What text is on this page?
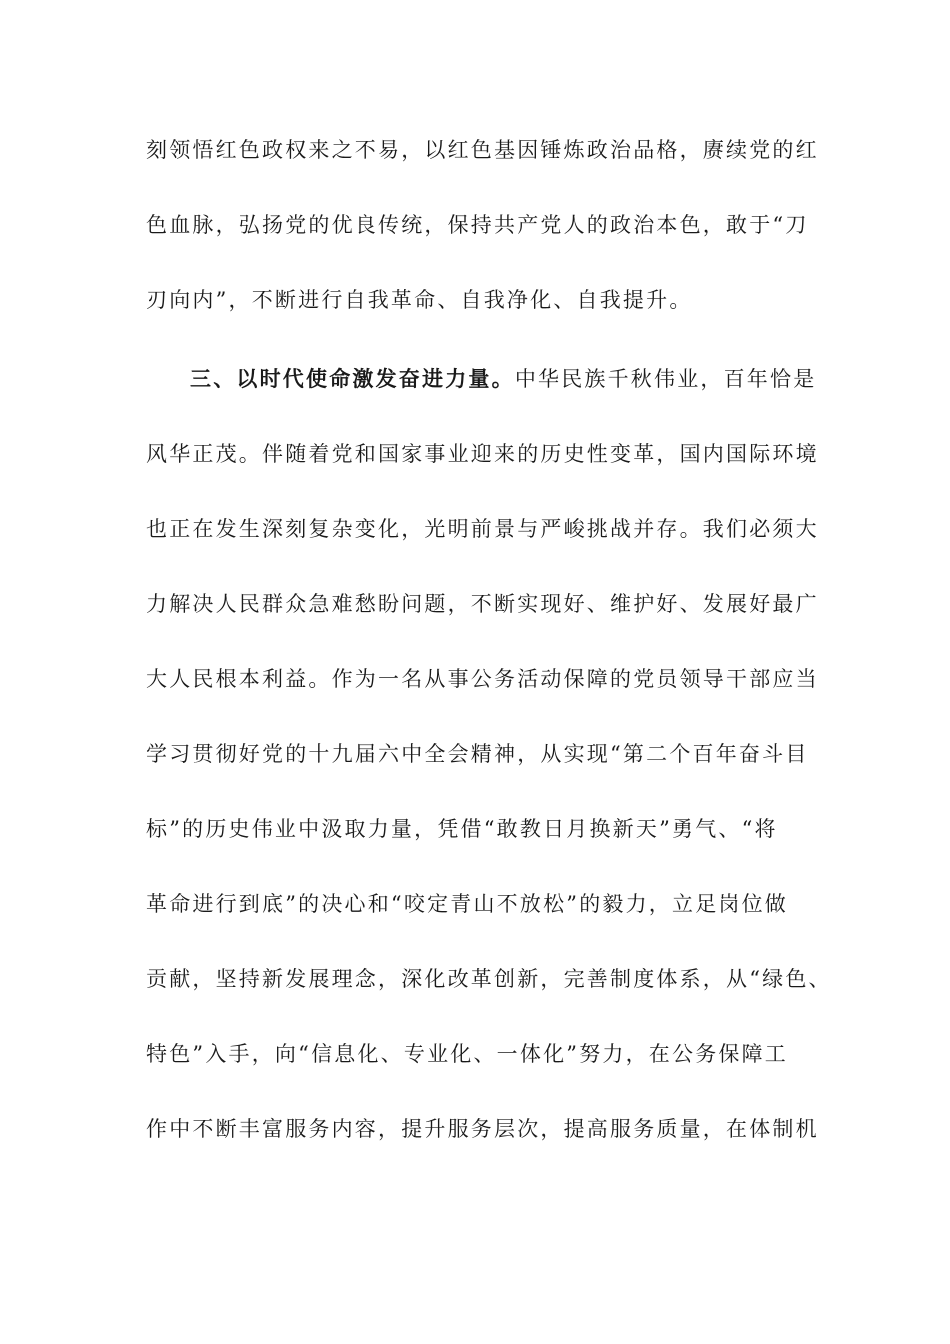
刻领悟红色政权来之不易，以红色基因锤炼政治品格，赓续党的红
色血脉，弘扬党的优良传统，保持共产党人的政治本色，敢于“刀
刃向内”，不断进行自我革命、自我净化、自我提升。
三、以时代使命激发奋进力量。中华民族千秋伟业，百年恰是
风华正茂。伴随着党和国家事业迎来的历史性变革，国内国际环境
也正在发生深刻复杂变化，光明前景与严峻挑战并存。我们必须大
力解决人民群众急难愁盼问题，不断实现好、维护好、发展好最广
大人民根本利益。作为一名从事公务活动保障的党员领导干部应当
学习贯彻好党的十九届六中全会精神，从实现“第二个百年奋斗目
标”的历史伟业中汲取力量，凭借“敢教日月换新天”勇气、“将
革命进行到底”的决心和“咬定青山不放松”的毅力，立足岗位做
贡献，坚持新发展理念，深化改革创新，完善制度体系，从“绿色、
特色”入手，向“信息化、专业化、一体化”努力，在公务保障工
作中不断丰富服务内容，提升服务层次，提高服务质量，在体制机
